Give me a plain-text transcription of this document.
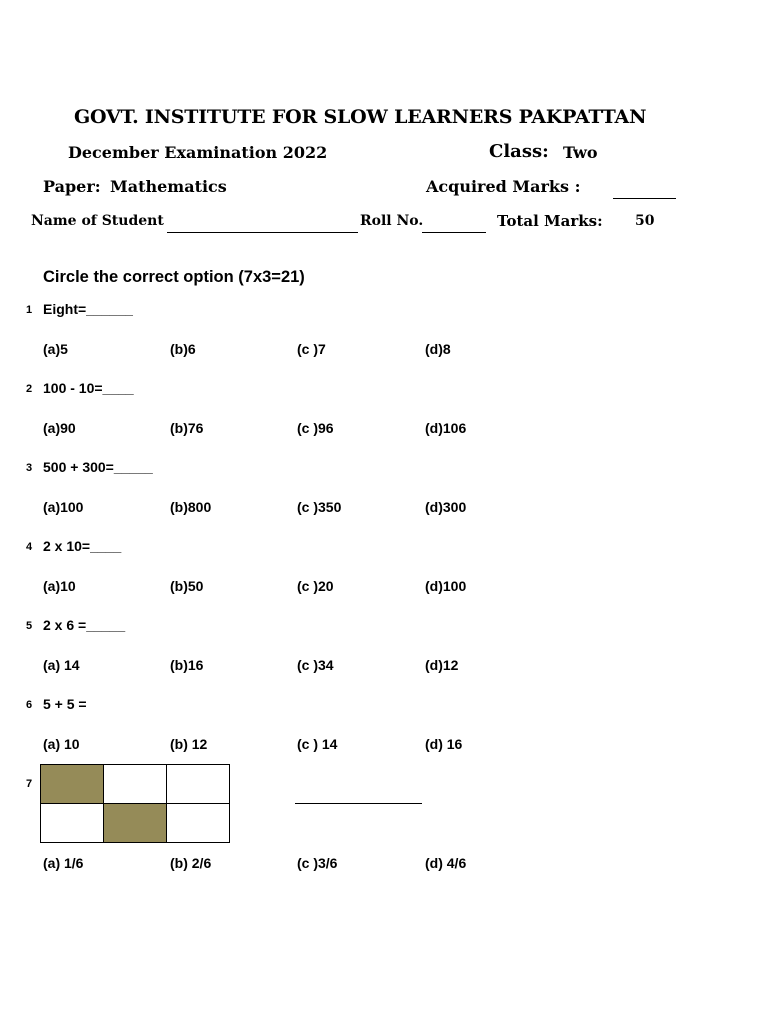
GOVT. INSTITUTE FOR SLOW LEARNERS PAKPATTAN
December Examination 2022	Class: Two
Paper: Mathematics	Acquired Marks :
Name of Student	Roll No.	Total Marks: 50
Circle the correct option (7x3=21)
1 Eight=______
(a)5	(b)6	(c )7	(d)8
2 100 - 10=____
(a)90	(b)76	(c )96	(d)106
3 500 + 300=_____
(a)100	(b)800	(c )350	(d)300
4 2 x 10=____
(a)10	(b)50	(c )20	(d)100
5 2 x 6 =_____
(a) 14	(b)16	(c )34	(d)12
6 5 + 5 =
(a) 10	(b) 12	(c ) 14	(d) 16
7

(a) 1/6	(b) 2/6	(c )3/6	(d) 4/6
